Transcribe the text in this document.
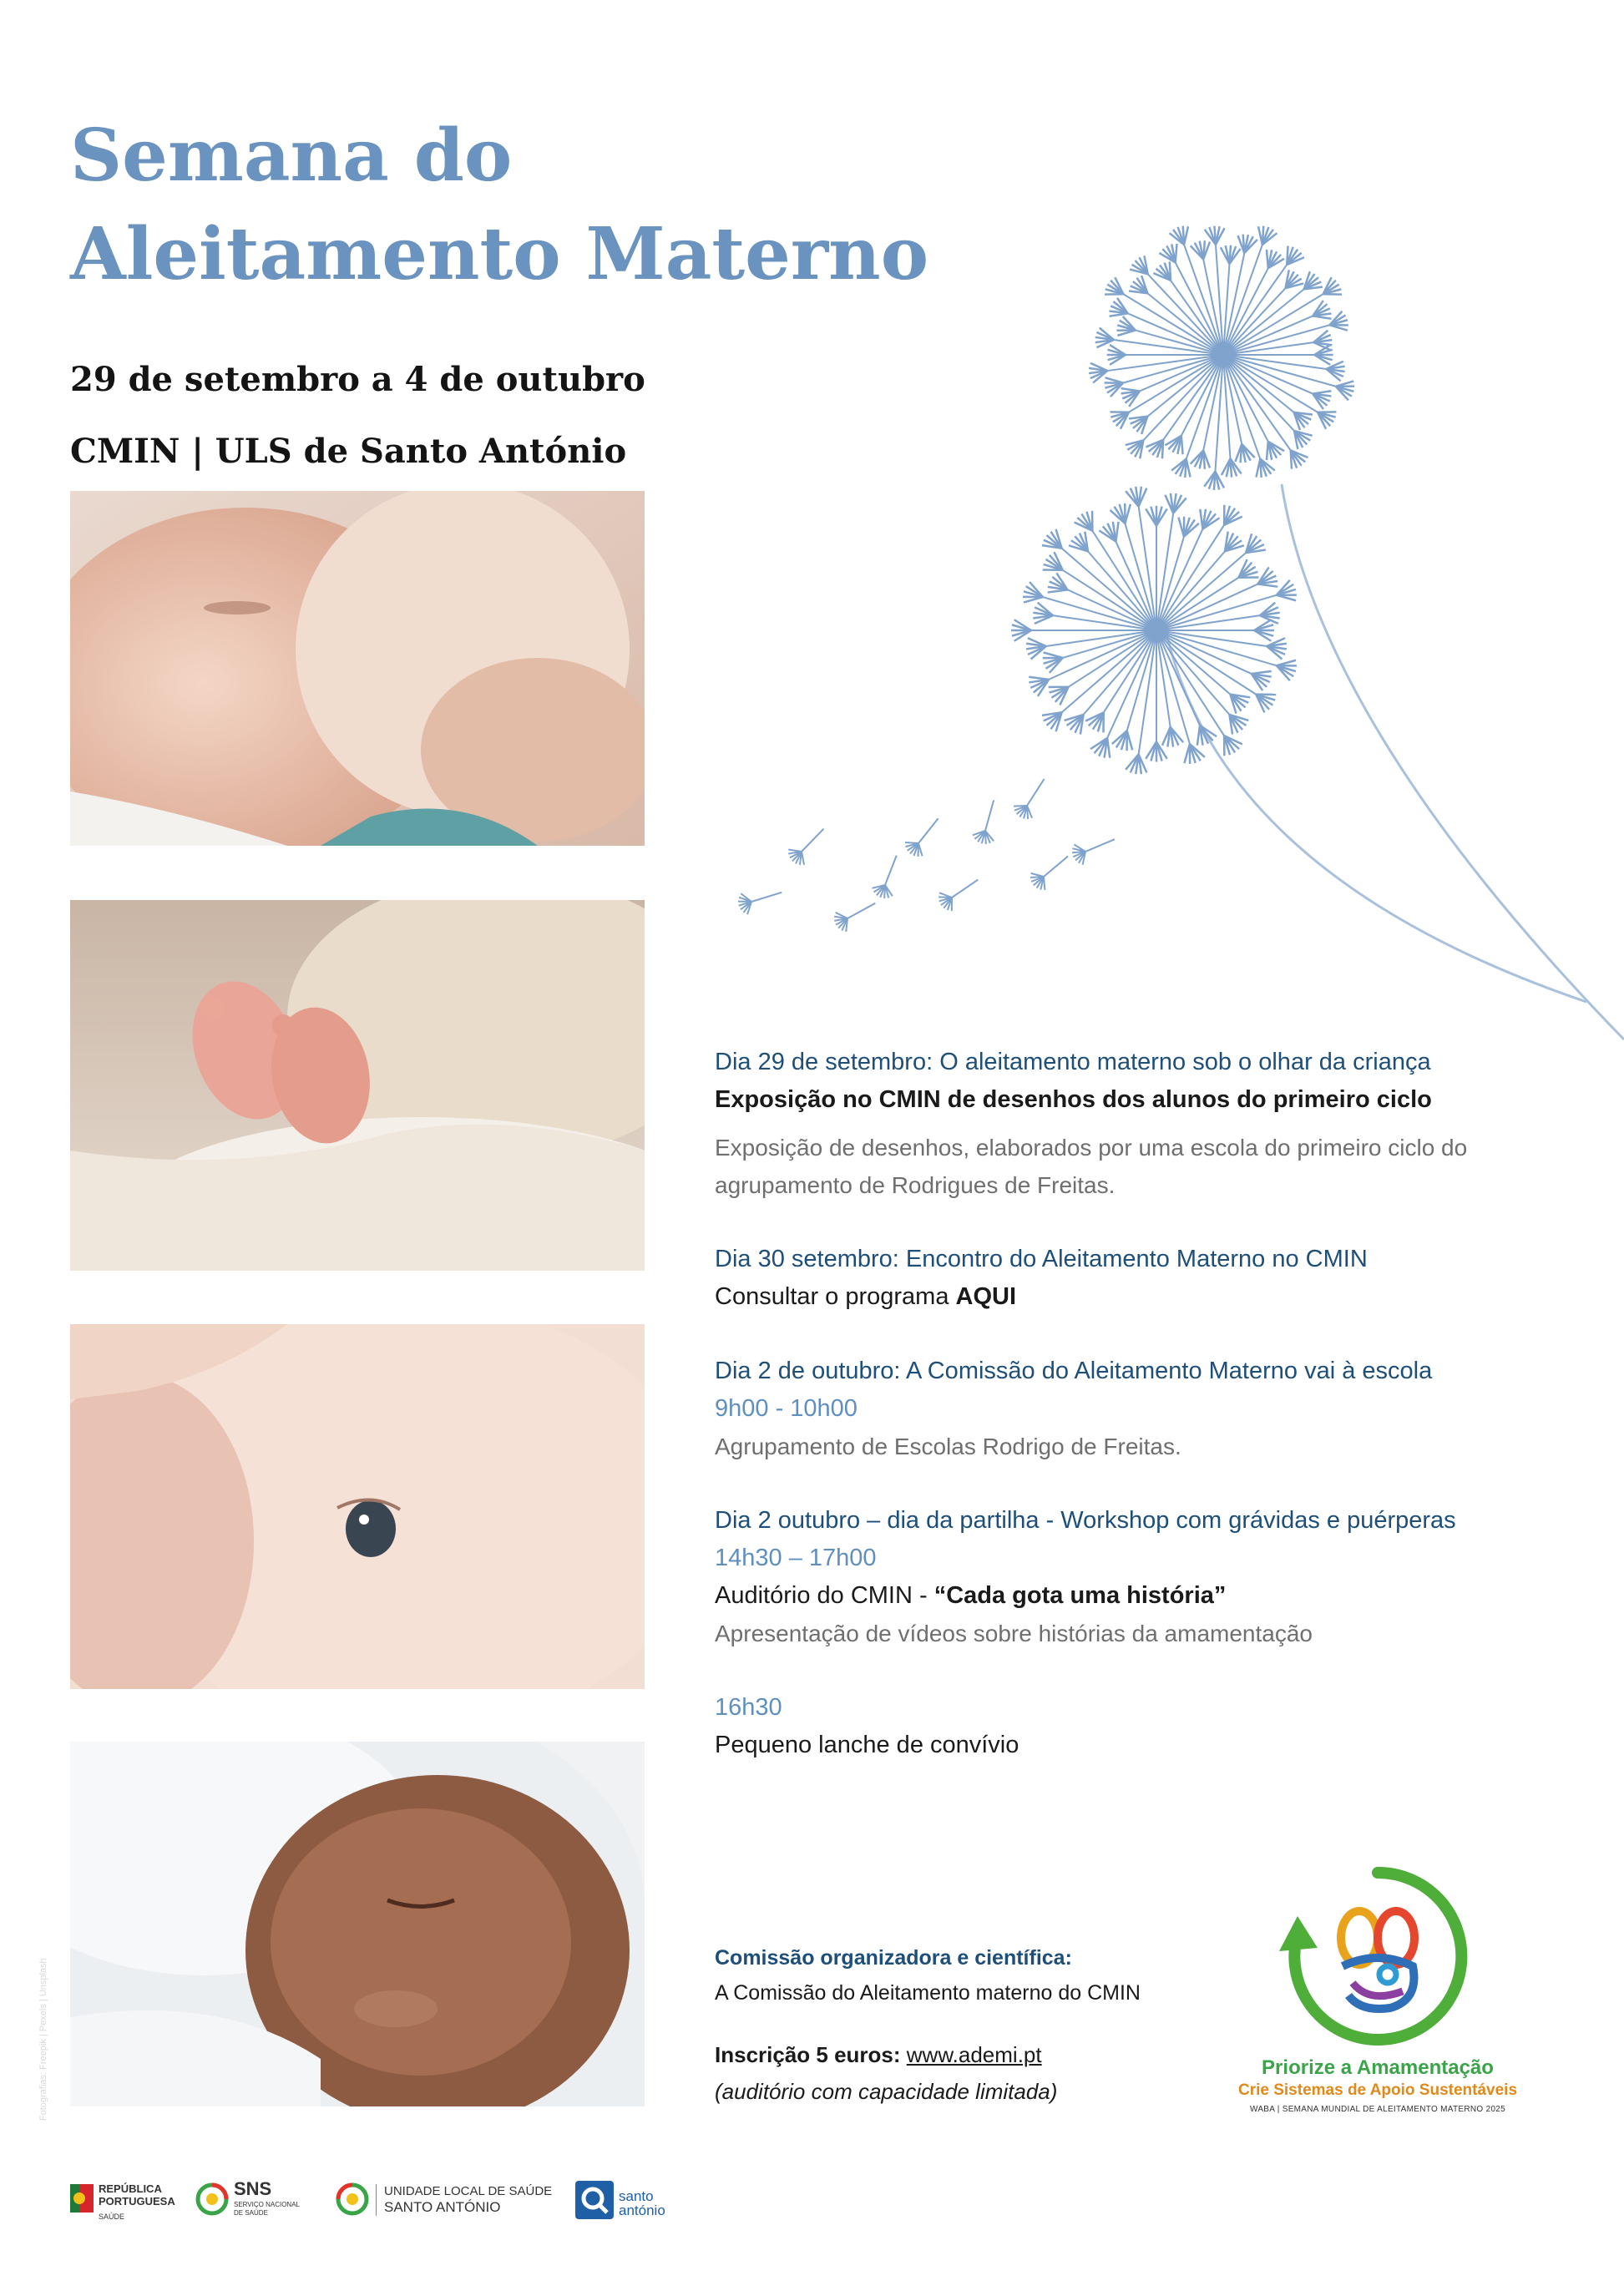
Semana do
Aleitamento Materno
29 de setembro a 4 de outubro
CMIN | ULS de Santo António
Fotografias: Freepik | Pexels | Unsplash
Dia 29 de setembro: O aleitamento materno sob o olhar da criança
Exposição no CMIN de desenhos dos alunos do primeiro ciclo
Exposição de desenhos, elaborados por uma escola do primeiro ciclo do agrupamento de Rodrigues de Freitas.
Dia 30 setembro: Encontro do Aleitamento Materno no CMIN
Consultar o programa AQUI
Dia 2 de outubro: A Comissão do Aleitamento Materno vai à escola
9h00 - 10h00
Agrupamento de Escolas Rodrigo de Freitas.
Dia 2 outubro – dia da partilha - Workshop com grávidas e puérperas
14h30 – 17h00
Auditório do CMIN - “Cada gota uma história”
Apresentação de vídeos sobre histórias da amamentação
16h30
Pequeno lanche de convívio
Comissão organizadora e científica:
A Comissão do Aleitamento materno do CMIN
Inscrição 5 euros: www.ademi.pt
(auditório com capacidade limitada)
Priorize a Amamentação
Crie Sistemas de Apoio Sustentáveis
WABA | SEMANA MUNDIAL DE ALEITAMENTO MATERNO 2025
REPÚBLICA
PORTUGUESA
SAÚDE
SNS
SERVIÇO NACIONAL
DE SAÚDE
UNIDADE LOCAL DE SAÚDE
SANTO ANTÓNIO
santo
antónio
